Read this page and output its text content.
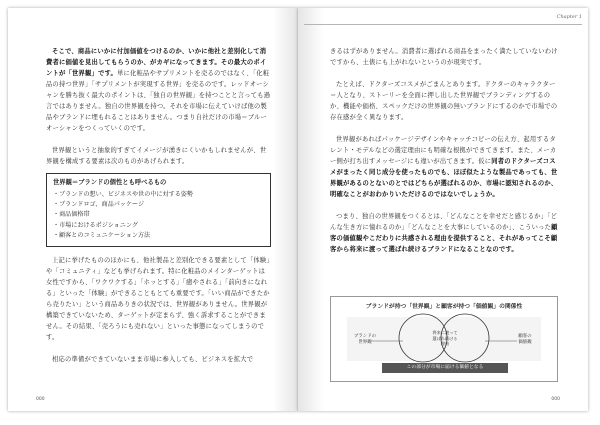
そこで、商品にいかに付加価値をつけるのか、いかに他社と差別化して消費者に価値を見出してもらうのか、がカギになってきます。その最大のポイントが「世界観」です。単に化粧品やサプリメントを売るのではなく、「化粧品の持つ世界」「サプリメントが実現する世界」を売るのです。レッドオーシャンを勝ち抜く最大のポイントは、「独自の世界観」を持つことと言っても過言ではありません。独自の世界観を持つ。それを市場に伝えていけば他の製品やブランドに埋もれることはありません。つまり自社だけの市場＝ブルーオーシャンをつくっていくのです。

世界観というと抽象的すぎてイメージが湧きにくいかもしれませんが、世界観を構成する要素は次のものがあげられます。

世界観＝ブランドの個性とも呼べるもの
・ブランドの想い、ビジネスや世の中に対する姿勢
・ブランドロゴ、商品パッケージ
・商品価格帯
・市場におけるポジショニング
・顧客とのコミュニケーション方法

上記に挙げたもののほかにも、他社製品と差別化できる要素として「体験」や「コミュニティ」なども挙げられます。特に化粧品のメインターゲットは女性ですから、「ワクワクする」「ホッとする」「癒やされる」「前向きになれる」といった「体験」ができることもとても重要です。「いい商品ができたから売りたい」という商品ありきの状況では、世界観がありません。世界観が構築できていないため、ターゲットが定まらず、強く訴求することができません。その結果、「売ろうにも売れない」といった事態になってしまうのです。

相応の準備ができていないまま市場に参入しても、ビジネスを拡大で

000
Chapter 1

きるはずがありません。消費者に選ばれる商品をまったく満たしていないわけですから、土俵にも上がれないというのが現実です。

たとえば、ドクターズコスメがごまんとあります。ドクターのキャラクター＝人となり、ストーリーを全面に押し出した世界観でブランディングするのか、機能や価格、スペックだけの世界観の無いブランドにするのかで市場での存在感が全く異なります。

世界観があればパッケージデザインやキャッチコピーの伝え方、起用するタレント・モデルなどの選定理由にも明確な根拠ができてきます。また、メーカー側が打ち出すメッセージにも違いが出てきます。仮に同者のドクターズコスメがまったく同じ成分を使ったものでも、ほぼ似たような製品であっても、世界観があるのとないのとではどちらが選ばれるのか、市場に認知されるのか、明確なことがおわかりいただけるのではないでしょうか。

つまり、独自の世界観をつくるとは、「どんなことを幸せだと感じるか」「どんな生き方に憧れるのか」「どんなことを大事にしているのか」、こういった顧客の価値観やこだわりに共感される理由を提供すること、それがあってこそ顧客から将来に渡って選ばれ続けるブランドになることなのです。

ブランドが持つ「世界観」と顧客が持つ「価値観」の関係性
ブランドの
世界観
将来に渡って
選ばれ続ける
理由
顧客の
価値観
この部分が市場に届ける価値となる
000
